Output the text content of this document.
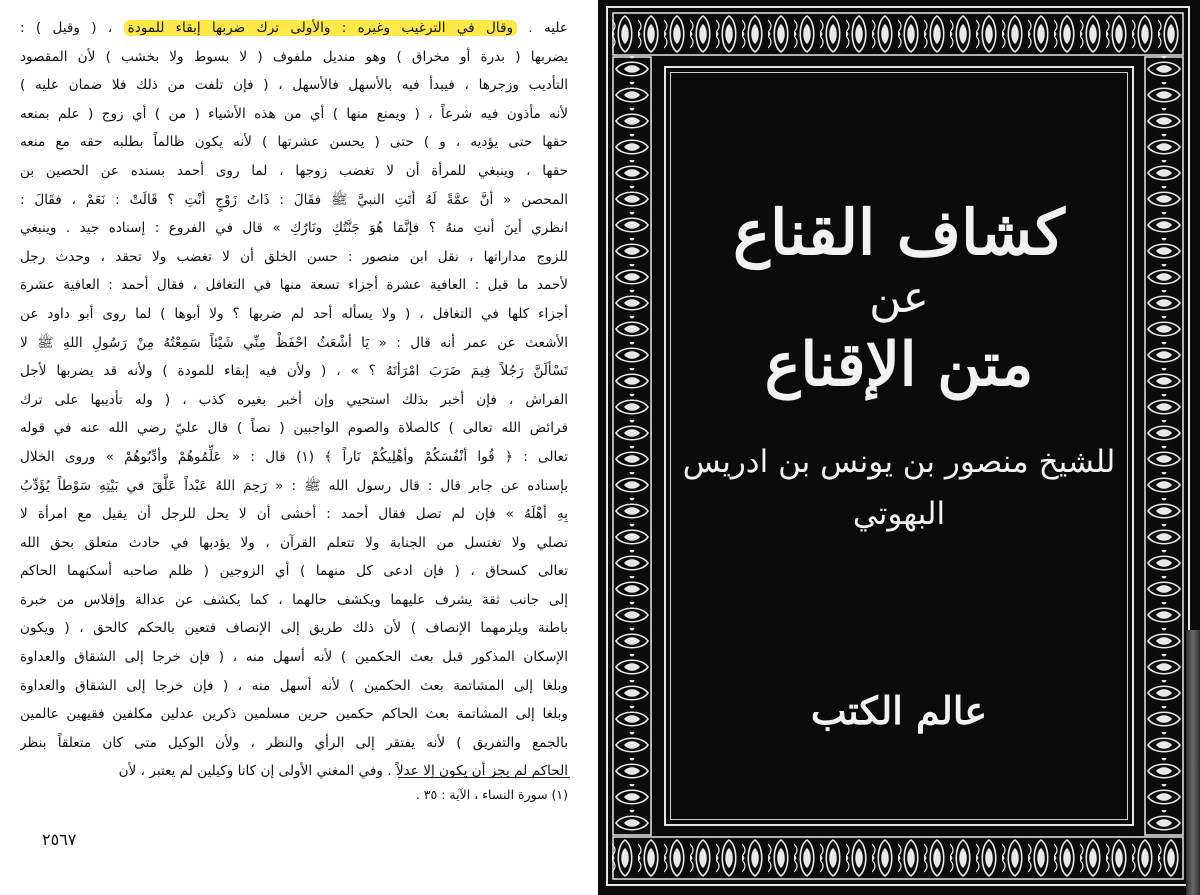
عليه . وقال في الترغيب وغيره : والأولى ترك ضربها إبقاء للمودة ، ( وقيل ) :
يضربها ( بدرة أو مخراق ) وهو منديل ملفوف ( لا بسوط ولا بخشب ) لأن المقصود
التأديب وزجرها ، فيبدأ فيه بالأسهل فالأسهل ، ( فإن تلفت من ذلك فلا ضمان عليه )
لأنه مأذون فيه شرعاً ، ( ويمنع منها ) أي من هذه الأشياء ( من ) أي زوج ( علم بمنعه
حقها حتى يؤديه ، و ) حتى ( يحسن عشرتها ) لأنه يكون ظالماً بطلبه حقه مع منعه
حقها ، وينبغي للمرأة أن لا تغضب زوجها ، لما روى أحمد بسنده عن الحصين بن
المحصن « أنَّ عمَّةً لَهُ أتَتِ النبيَّ ﷺ فقَالَ : ذَاتُ زَوْجٍ أنْتِ ؟ قَالَتْ : نَعَمْ ، فقَالَ :
انظري أينَ أنتِ منهُ ؟ فإنَّمَا هُوَ جَنَّتُكِ ونَارُكِ » قال في الفروع : إسناده جيد . وينبغي
للزوج مداراتها ، نقل ابن منصور : حسن الخلق أن لا تغضب ولا تحقد ، وحدث رجل
لأحمد ما قيل : العافية عشرة أجزاء تسعة منها في التغافل ، فقال أحمد : العافية عشرة
أجزاء كلها في التغافل ، ( ولا يسأله أحد لم ضربها ؟ ولا أبوها ) لما روى أبو داود عن
الأشعث عن عمر أنه قال : « يَا أشْعَثُ احْفَظْ مِنِّي شَيْئاً سَمِعْتُهُ مِنْ رَسُولِ اللهِ ﷺ لا
تَسْألَنَّ رَجُلاً فِيمَ ضَرَبَ امْرَأتَهُ ؟ » ، ( ولأن فيه إبقاء للمودة ) ولأنه قد يضربها لأجل
الفراش ، فإن أخبر بذلك استحيي وإن أخبر بغيره كذب ، ( وله تأديبها على ترك
فرائض الله تعالى ) كالصلاة والصوم الواجبين ( نصاً ) قال عليّ رضي الله عنه في قوله
تعالى : ﴿ قُوا أنْفُسَكُمْ وأهْلِيكُمْ نَاراً ﴾ (١) قال : « عَلِّمُوهُمْ وأدِّبُوهُمْ » وروى الخلال
بإسناده عن جابر قال : قال رسول الله ﷺ : « رَحِمَ اللهُ عَبْداً عَلَّقَ في بَيْتِهِ سَوْطاً يُؤَدِّبُ
بِهِ أهْلَهُ » فإن لم تصل فقال أحمد : أخشى أن لا يحل للرجل أن يقيل مع امرأة لا
تصلي ولا تغتسل من الجنابة ولا تتعلم القرآن ، ولا يؤدبها في حادث متعلق بحق الله
تعالى كسحاق ، ( فإن ادعى كل منهما ) أي الزوجين ( ظلم صاحبه أسكنهما الحاكم
إلى جانب ثقة يشرف عليهما ويكشف حالهما ، كما يكشف عن عدالة وإفلاس من خبرة
باطنة ويلزمهما الإنصاف ) لأن ذلك طريق إلى الإنصاف فتعين بالحكم كالحق ، ( ويكون
الإسكان المذكور قبل بعث الحكمين ) لأنه أسهل منه ، ( فإن خرجا إلى الشقاق والعداوة
وبلغا إلى المشاتمة بعث الحكمين ) لأنه أسهل منه ، ( فإن خرجا إلى الشقاق والعداوة
وبلغا إلى المشاتمة بعث الحاكم حكمين حرين مسلمين ذكرين عدلين مكلفين فقيهين عالمين
بالجمع والتفريق ) لأنه يفتقر إلى الرأي والنظر ، ولأن الوكيل متى كان متعلقاً بنظر
الحاكم لم يجز أن يكون إلا عدلاً . وفي المغني الأولى إن كانا وكيلين لم يعتبر ، لأن
(١) سورة النساء ، الآية : ٣٥ .
٢٥٦٧
كشاف القناع
عن
متن الإقناع
للشيخ منصور بن يونس بن ادريس
البهوتي
عالم الكتب
